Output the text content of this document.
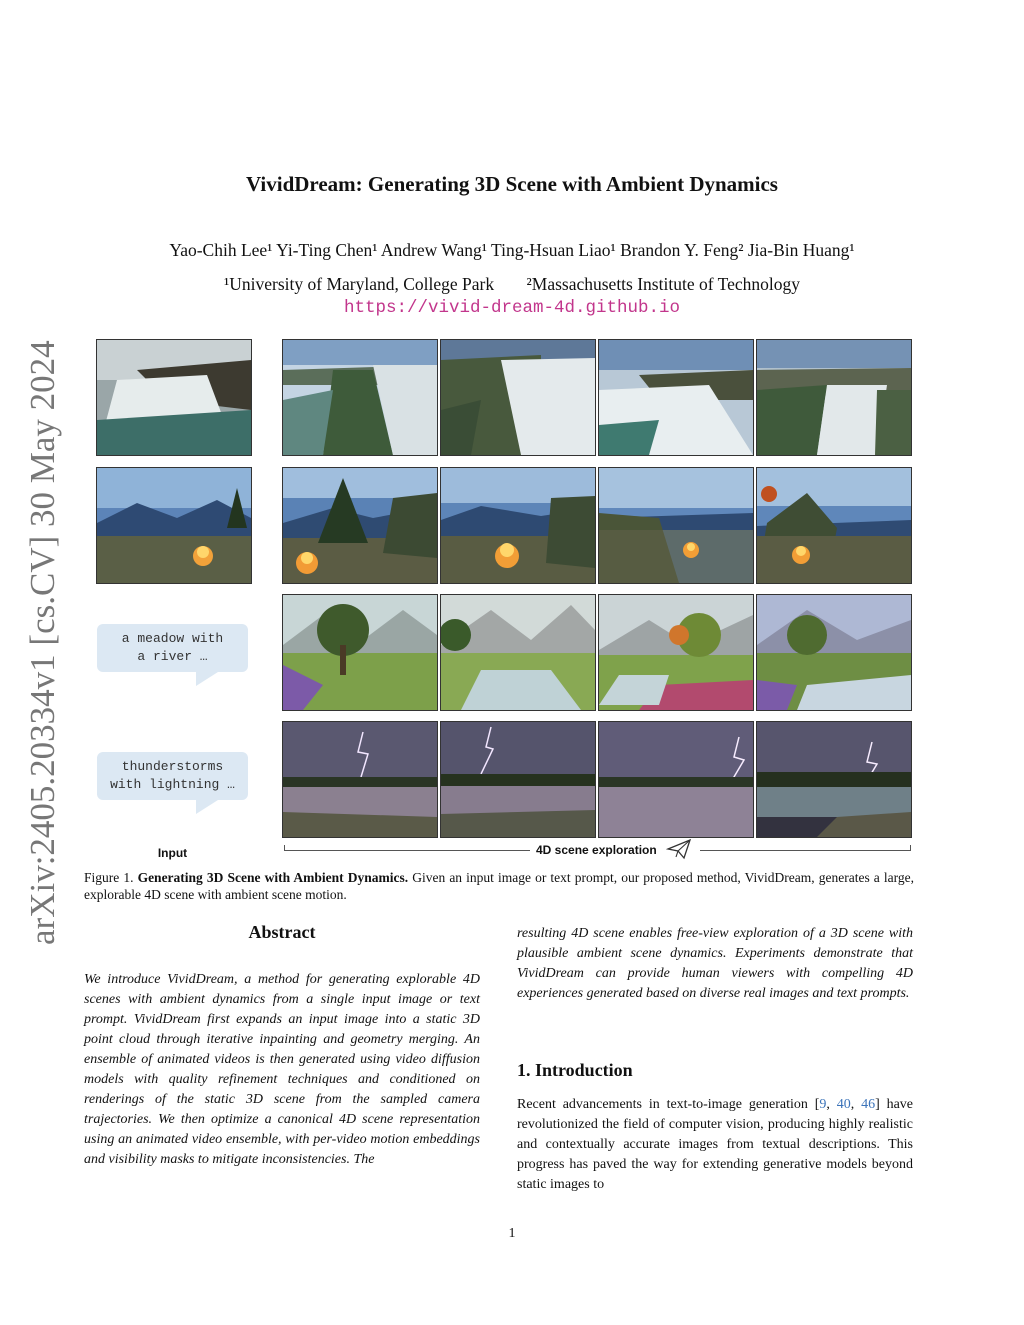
VividDream: Generating 3D Scene with Ambient Dynamics
Yao-Chih Lee¹ Yi-Ting Chen¹ Andrew Wang¹ Ting-Hsuan Liao¹ Brandon Y. Feng² Jia-Bin Huang¹
¹University of Maryland, College Park ²Massachusetts Institute of Technology
https://vivid-dream-4d.github.io
arXiv:2405.20334v1 [cs.CV] 30 May 2024	a meadow with
a river …
thunderstorms
with lightning …
Input	4D scene exploration
Figure 1. Generating 3D Scene with Ambient Dynamics. Given an input image or text prompt, our proposed method, VividDream, generates a large, explorable 4D scene with ambient scene motion.
Abstract
We introduce VividDream, a method for generating explorable 4D scenes with ambient dynamics from a single input image or text prompt. VividDream first expands an input image into a static 3D point cloud through iterative inpainting and geometry merging. An ensemble of animated videos is then generated using video diffusion models with quality refinement techniques and conditioned on renderings of the static 3D scene from the sampled camera trajectories. We then optimize a canonical 4D scene representation using an animated video ensemble, with per-video motion embeddings and visibility masks to mitigate inconsistencies. The
resulting 4D scene enables free-view exploration of a 3D scene with plausible ambient scene dynamics. Experiments demonstrate that VividDream can provide human viewers with compelling 4D experiences generated based on diverse real images and text prompts.
1. Introduction
Recent advancements in text-to-image generation [9, 40, 46] have revolutionized the field of computer vision, producing highly realistic and contextually accurate images from textual descriptions. This progress has paved the way for extending generative models beyond static images to
1
